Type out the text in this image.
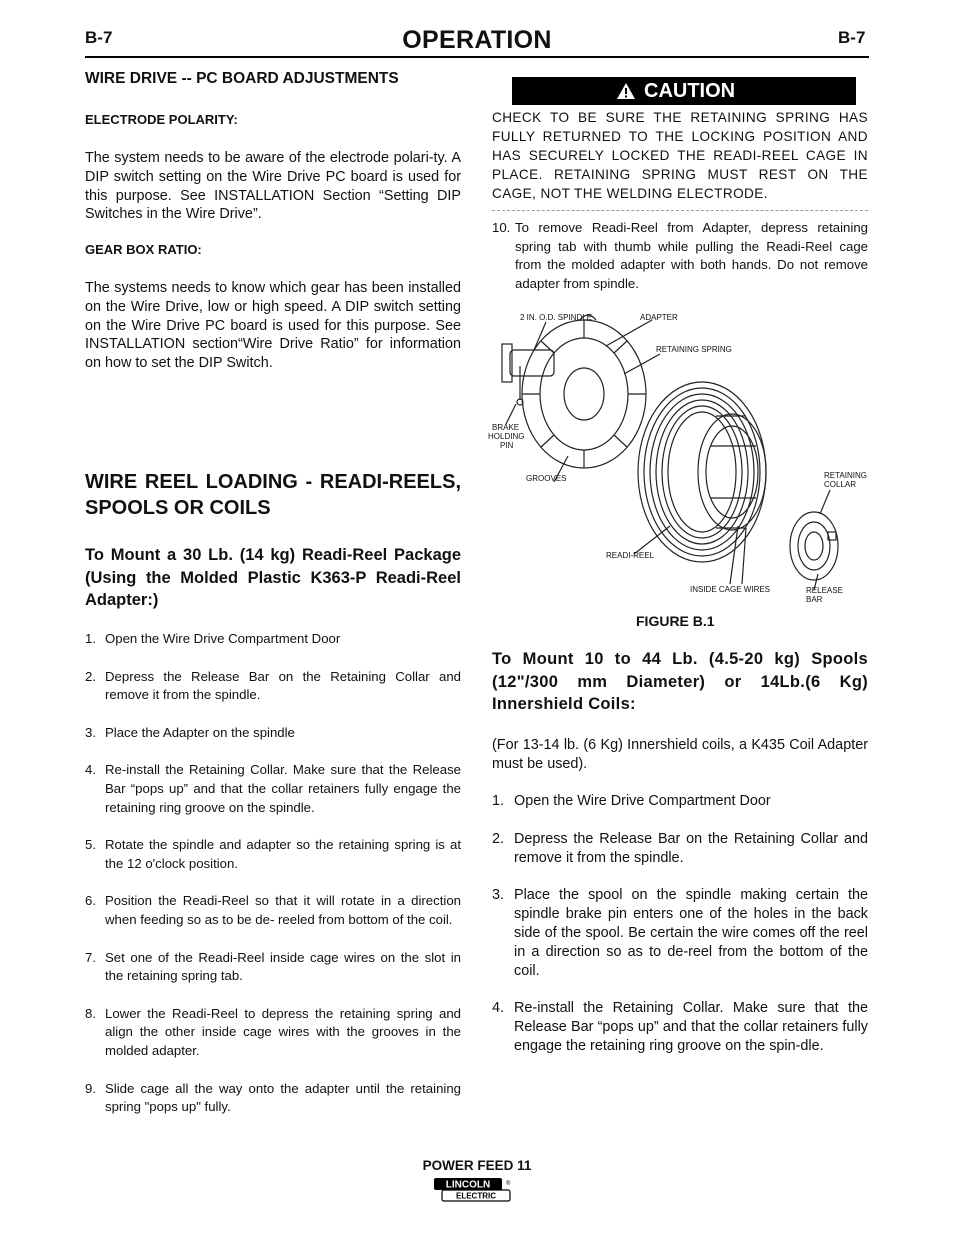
B-7	OPERATION	B-7
WIRE DRIVE -- PC BOARD ADJUSTMENTS
ELECTRODE POLARITY:
The system needs to be aware of the electrode polari-ty. A DIP switch setting on the Wire Drive PC board is used for this purpose. See INSTALLATION Section “Setting DIP Switches in the Wire Drive”.
GEAR BOX RATIO:
The systems needs to know which gear has been installed on the Wire Drive, low or high speed. A DIP switch setting on the Wire Drive PC board is used for this purpose. See INSTALLATION section“Wire Drive Ratio” for information on how to set the DIP Switch.
WIRE REEL LOADING - READI-REELS, SPOOLS OR COILS
To Mount a 30 Lb. (14 kg) Readi-Reel Package (Using the Molded Plastic K363-P Readi-Reel Adapter:)
1. Open the Wire Drive Compartment Door
2. Depress the Release Bar on the Retaining Collar and remove it from the spindle.
3. Place the Adapter on the spindle
4. Re-install the Retaining Collar. Make sure that the Release Bar “pops up” and that the collar retainers fully engage the retaining ring groove on the spindle.
5. Rotate the spindle and adapter so the retaining spring is at the 12 o'clock position.
6. Position the Readi-Reel so that it will rotate in a direction when feeding so as to be de- reeled from bottom of the coil.
7. Set one of the Readi-Reel inside cage wires on the slot in the retaining spring tab.
8. Lower the Readi-Reel to depress the retaining spring and align the other inside cage wires with the grooves in the molded adapter.
9. Slide cage all the way onto the adapter until the retaining spring "pops up" fully.
CAUTION
CHECK TO BE SURE THE RETAINING SPRING HAS FULLY RETURNED TO THE LOCKING POSITION AND HAS SECURELY LOCKED THE READI-REEL CAGE IN PLACE. RETAINING SPRING MUST REST ON THE CAGE, NOT THE WELDING ELECTRODE.
10. To remove Readi-Reel from Adapter, depress retaining spring tab with thumb while pulling the Readi-Reel cage from the molded adapter with both hands. Do not remove adapter from spindle.
2 IN. O.D. SPINDLE	ADAPTER
RETAINING SPRING
BRAKE
HOLDING
PIN
GROOVES	RETAINING
COLLAR
READI-REEL
INSIDE CAGE WIRES	RELEASE
BAR
FIGURE B.1
To Mount 10 to 44 Lb. (4.5-20 kg) Spools (12"/300 mm Diameter) or 14Lb.(6 Kg) Innershield Coils:
(For 13-14 lb. (6 Kg) Innershield coils, a K435 Coil Adapter must be used).
1. Open the Wire Drive Compartment Door
2. Depress the Release Bar on the Retaining Collar and remove it from the spindle.
3. Place the spool on the spindle making certain the spindle brake pin enters one of the holes in the back side of the spool. Be certain the wire comes off the reel in a direction so as to de-reel from the bottom of the coil.
4. Re-install the Retaining Collar. Make sure that the Release Bar “pops up” and that the collar retainers fully engage the retaining ring groove on the spin-dle.
POWER FEED 11
LINCOLN
ELECTRIC
®
